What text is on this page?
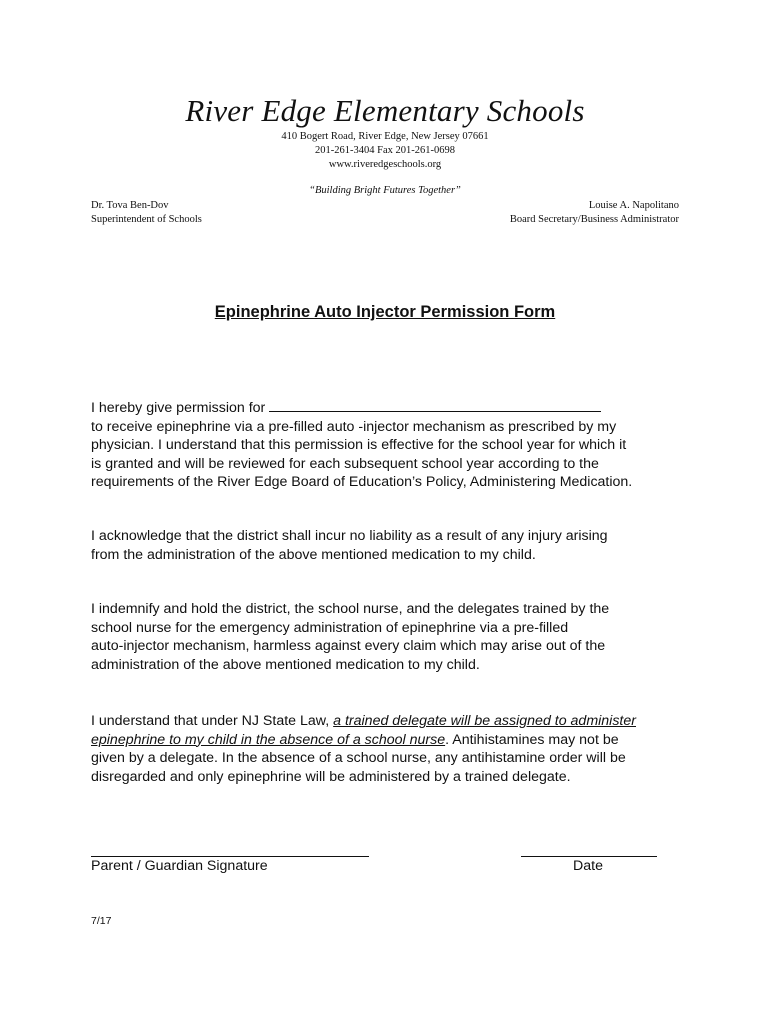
River Edge Elementary Schools
410 Bogert Road, River Edge, New Jersey 07661
201-261-3404 Fax 201-261-0698
www.riveredgeschools.org
“Building Bright Futures Together”
Dr. Tova Ben-Dov
Superintendent of Schools
Louise A. Napolitano
Board Secretary/Business Administrator
Epinephrine Auto Injector Permission Form
I hereby give permission for
to receive epinephrine via a pre-filled auto -injector mechanism as prescribed by my
physician. I understand that this permission is effective for the school year for which it
is granted and will be reviewed for each subsequent school year according to the
requirements of the River Edge Board of Education’s Policy, Administering Medication.
I acknowledge that the district shall incur no liability as a result of any injury arising
from the administration of the above mentioned medication to my child.
I indemnify and hold the district, the school nurse, and the delegates trained by the
school nurse for the emergency administration of epinephrine via a pre-filled
auto-injector mechanism, harmless against every claim which may arise out of the
administration of the above mentioned medication to my child.
I understand that under NJ State Law, a trained delegate will be assigned to administer
epinephrine to my child in the absence of a school nurse. Antihistamines may not be
given by a delegate. In the absence of a school nurse, any antihistamine order will be
disregarded and only epinephrine will be administered by a trained delegate.
Parent / Guardian Signature	Date
7/17
